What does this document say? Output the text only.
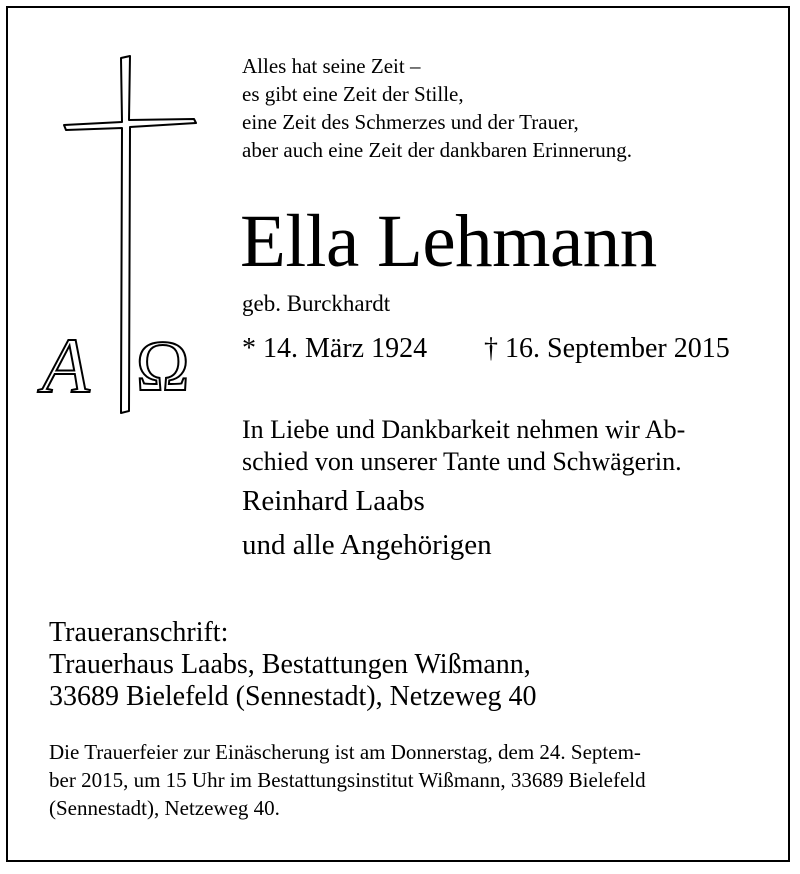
A Ω
Alles hat seine Zeit –
es gibt eine Zeit der Stille,
eine Zeit des Schmerzes und der Trauer,
aber auch eine Zeit der dankbaren Erinnerung.
Ella Lehmann
geb. Burckhardt
* 14. März 1924 † 16. September 2015
In Liebe und Dankbarkeit nehmen wir Ab-
schied von unserer Tante und Schwägerin.
Reinhard Laabs
und alle Angehörigen
Traueranschrift:
Trauerhaus Laabs, Bestattungen Wißmann,
33689 Bielefeld (Sennestadt), Netzeweg 40
Die Trauerfeier zur Einäscherung ist am Donnerstag, dem 24. Septem-
ber 2015, um 15 Uhr im Bestattungsinstitut Wißmann, 33689 Bielefeld
(Sennestadt), Netzeweg 40.
